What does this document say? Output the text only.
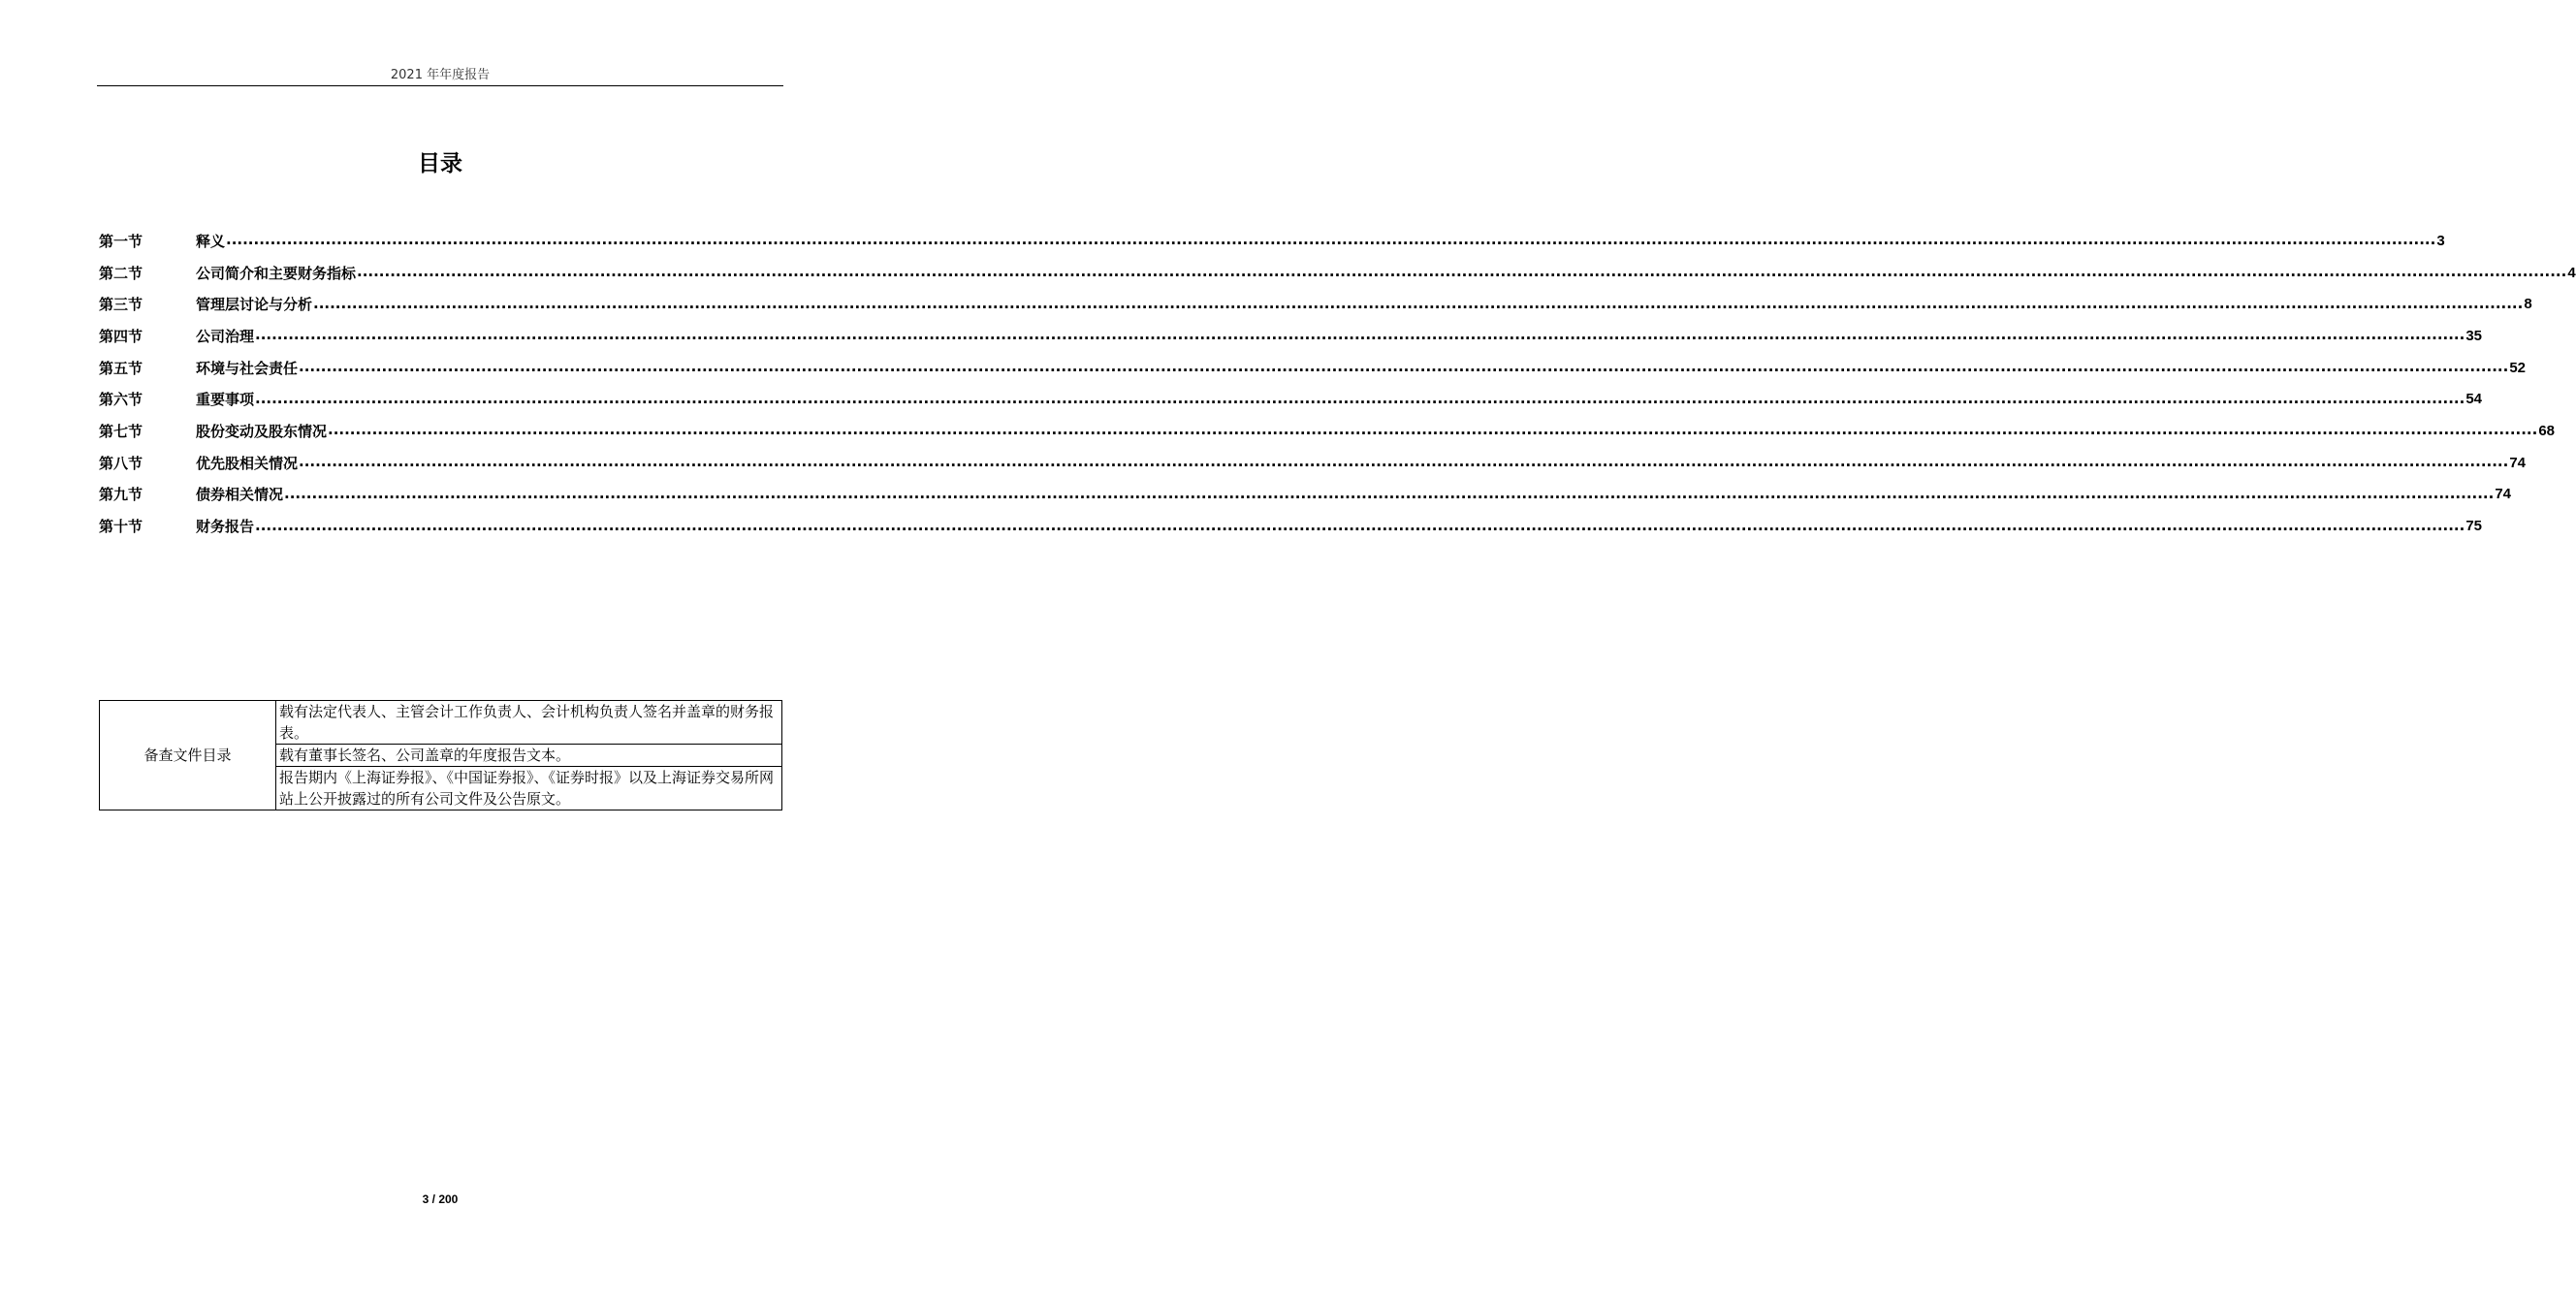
2021 年年度报告
目录
第一节	释义 ................................................................................................................................................................................................................................................................................................................................................................................................................ 3
第二节	公司简介和主要财务指标 ................................................................................................................................................................................................................................................................................................................................................................................................................ 4
第三节	管理层讨论与分析 ................................................................................................................................................................................................................................................................................................................................................................................................................ 8
第四节	公司治理 ................................................................................................................................................................................................................................................................................................................................................................................................................ 35
第五节	环境与社会责任 ................................................................................................................................................................................................................................................................................................................................................................................................................ 52
第六节	重要事项 ................................................................................................................................................................................................................................................................................................................................................................................................................ 54
第七节	股份变动及股东情况 ................................................................................................................................................................................................................................................................................................................................................................................................................ 68
第八节	优先股相关情况 ................................................................................................................................................................................................................................................................................................................................................................................................................ 74
第九节	债券相关情况 ................................................................................................................................................................................................................................................................................................................................................................................................................ 74
第十节	财务报告 ................................................................................................................................................................................................................................................................................................................................................................................................................ 75
备查文件目录	载有法定代表人、主管会计工作负责人、会计机构负责人签名并盖章的财务报表。
载有董事长签名、公司盖章的年度报告文本。
报告期内《上海证券报》、《中国证券报》、《证券时报》以及上海证券交易所网站上公开披露过的所有公司文件及公告原文。
3 / 200
